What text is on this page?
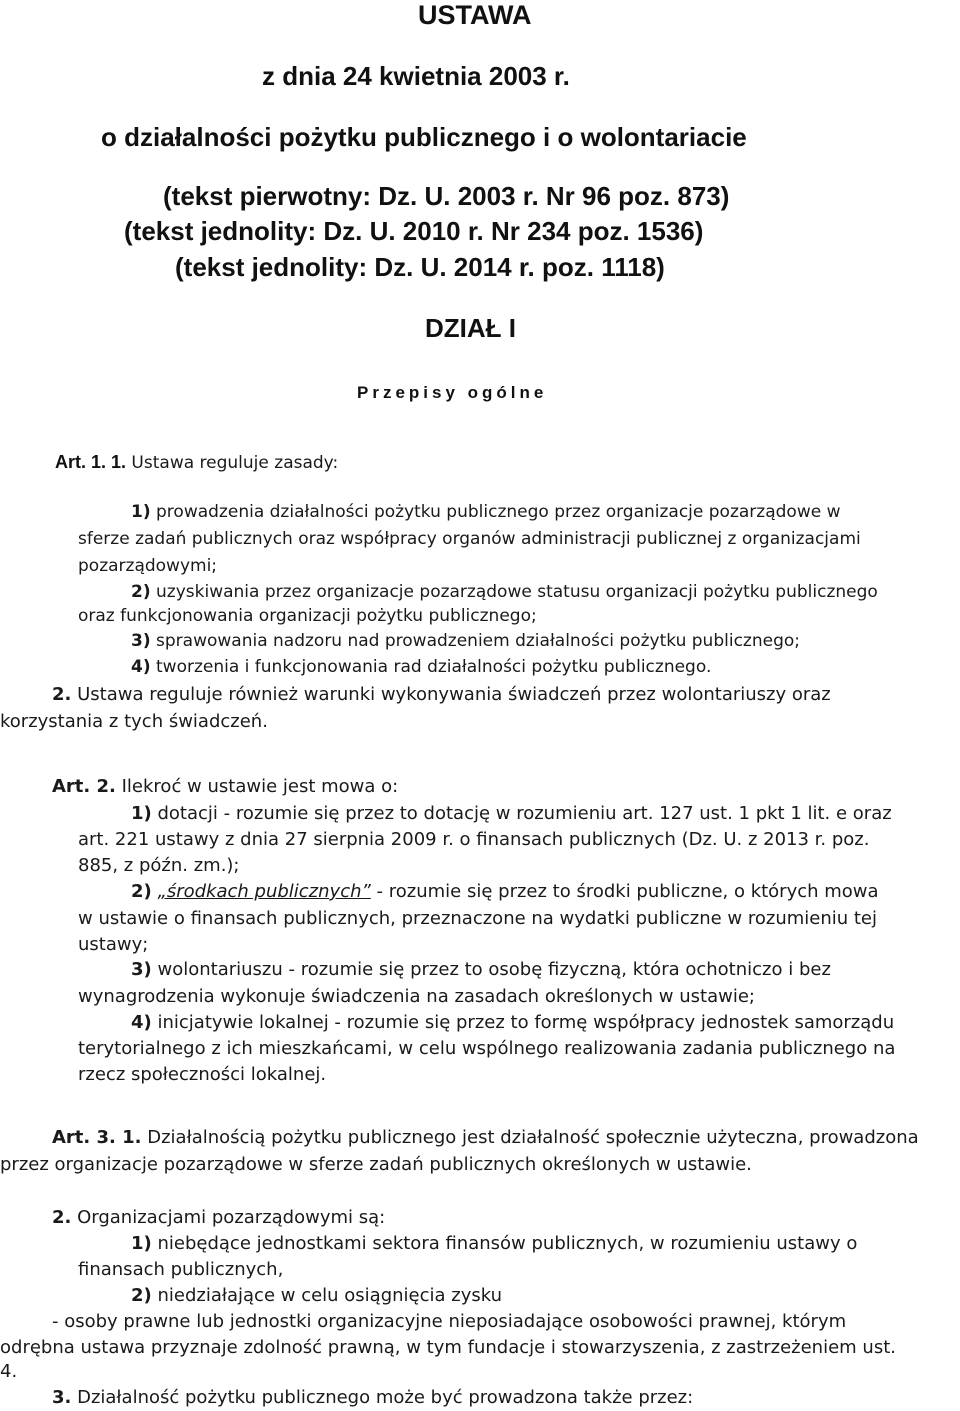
USTAWA
z dnia 24 kwietnia 2003 r.
o działalności pożytku publicznego i o wolontariacie
(tekst pierwotny: Dz. U. 2003 r. Nr 96 poz. 873)
(tekst jednolity: Dz. U. 2010 r. Nr 234 poz. 1536)
(tekst jednolity: Dz. U. 2014 r. poz. 1118)
DZIAŁ I
Przepisy ogólne
Art. 1. 1. Ustawa reguluje zasady:
1) prowadzenia działalności pożytku publicznego przez organizacje pozarządowe w
sferze zadań publicznych oraz współpracy organów administracji publicznej z organizacjami
pozarządowymi;
2) uzyskiwania przez organizacje pozarządowe statusu organizacji pożytku publicznego
oraz funkcjonowania organizacji pożytku publicznego;
3) sprawowania nadzoru nad prowadzeniem działalności pożytku publicznego;
4) tworzenia i funkcjonowania rad działalności pożytku publicznego.
2. Ustawa reguluje również warunki wykonywania świadczeń przez wolontariuszy oraz
korzystania z tych świadczeń.
Art. 2. Ilekroć w ustawie jest mowa o:
1) dotacji - rozumie się przez to dotację w rozumieniu art. 127 ust. 1 pkt 1 lit. e oraz
art. 221 ustawy z dnia 27 sierpnia 2009 r. o finansach publicznych (Dz. U. z 2013 r. poz.
885, z późn. zm.);
2) „środkach publicznych” - rozumie się przez to środki publiczne, o których mowa
w ustawie o finansach publicznych, przeznaczone na wydatki publiczne w rozumieniu tej
ustawy;
3) wolontariuszu - rozumie się przez to osobę fizyczną, która ochotniczo i bez
wynagrodzenia wykonuje świadczenia na zasadach określonych w ustawie;
4) inicjatywie lokalnej - rozumie się przez to formę współpracy jednostek samorządu
terytorialnego z ich mieszkańcami, w celu wspólnego realizowania zadania publicznego na
rzecz społeczności lokalnej.
Art. 3. 1. Działalnością pożytku publicznego jest działalność społecznie użyteczna, prowadzona
przez organizacje pozarządowe w sferze zadań publicznych określonych w ustawie.
2. Organizacjami pozarządowymi są:
1) niebędące jednostkami sektora finansów publicznych, w rozumieniu ustawy o
finansach publicznych,
2) niedziałające w celu osiągnięcia zysku
- osoby prawne lub jednostki organizacyjne nieposiadające osobowości prawnej, którym
odrębna ustawa przyznaje zdolność prawną, w tym fundacje i stowarzyszenia, z zastrzeżeniem ust.
4.
3. Działalność pożytku publicznego może być prowadzona także przez:
